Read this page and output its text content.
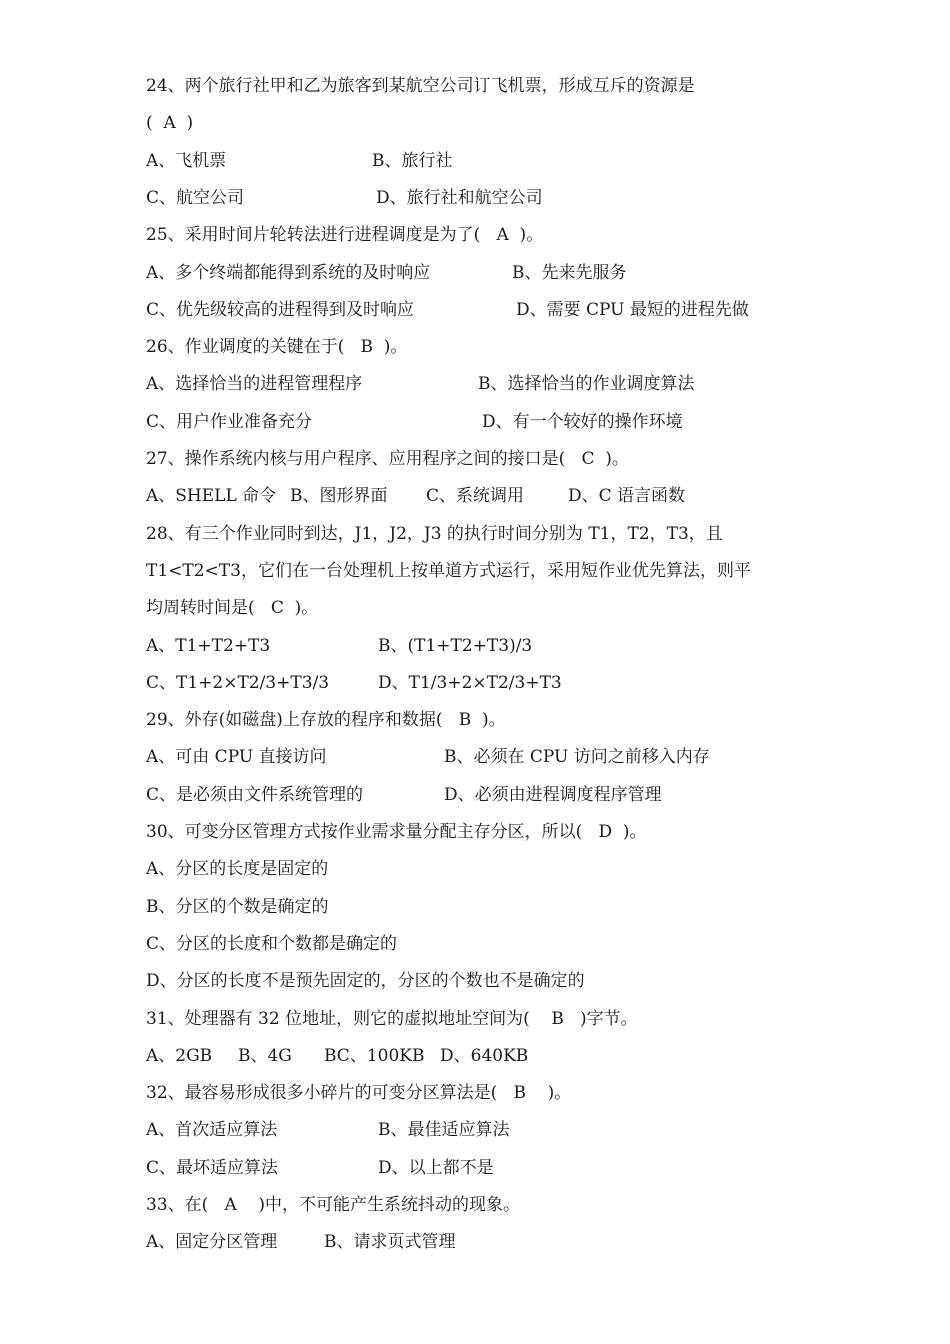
24、两个旅行社甲和乙为旅客到某航空公司订飞机票，形成互斥的资源是
(  A  )
A、飞机票	B、旅行社
C、航空公司	D、旅行社和航空公司
25、采用时间片轮转法进行进程调度是为了(   A  )。
A、多个终端都能得到系统的及时响应	B、先来先服务
C、优先级较高的进程得到及时响应	D、需要 CPU 最短的进程先做
26、作业调度的关键在于(   B  )。
A、选择恰当的进程管理程序	B、选择恰当的作业调度算法
C、用户作业准备充分	D、有一个较好的操作环境
27、操作系统内核与用户程序、应用程序之间的接口是(   C  )。
A、SHELL 命令 B、图形界面 C、系统调用	D、C 语言函数
28、有三个作业同时到达，J1，J2，J3 的执行时间分别为 T1，T2，T3，且
T1<T2<T3，它们在一台处理机上按单道方式运行，采用短作业优先算法，则平
均周转时间是(   C  )。
A、T1+T2+T3	B、(T1+T2+T3)/3
C、T1+2×T2/3+T3/3	D、T1/3+2×T2/3+T3
29、外存(如磁盘)上存放的程序和数据(   B  )。
A、可由 CPU 直接访问	B、必须在 CPU 访问之前移入内存
C、是必须由文件系统管理的	D、必须由进程调度程序管理
30、可变分区管理方式按作业需求量分配主存分区，所以(   D  )。
A、分区的长度是固定的
B、分区的个数是确定的
C、分区的长度和个数都是确定的
D、分区的长度不是预先固定的，分区的个数也不是确定的
31、处理器有 32 位地址，则它的虚拟地址空间为(    B   )字节。
A、2GB B、4G BC、100KB D、640KB
32、最容易形成很多小碎片的可变分区算法是(   B    )。
A、首次适应算法	B、最佳适应算法
C、最坏适应算法	D、以上都不是
33、在(   A    )中，不可能产生系统抖动的现象。
A、固定分区管理	B、请求页式管理
